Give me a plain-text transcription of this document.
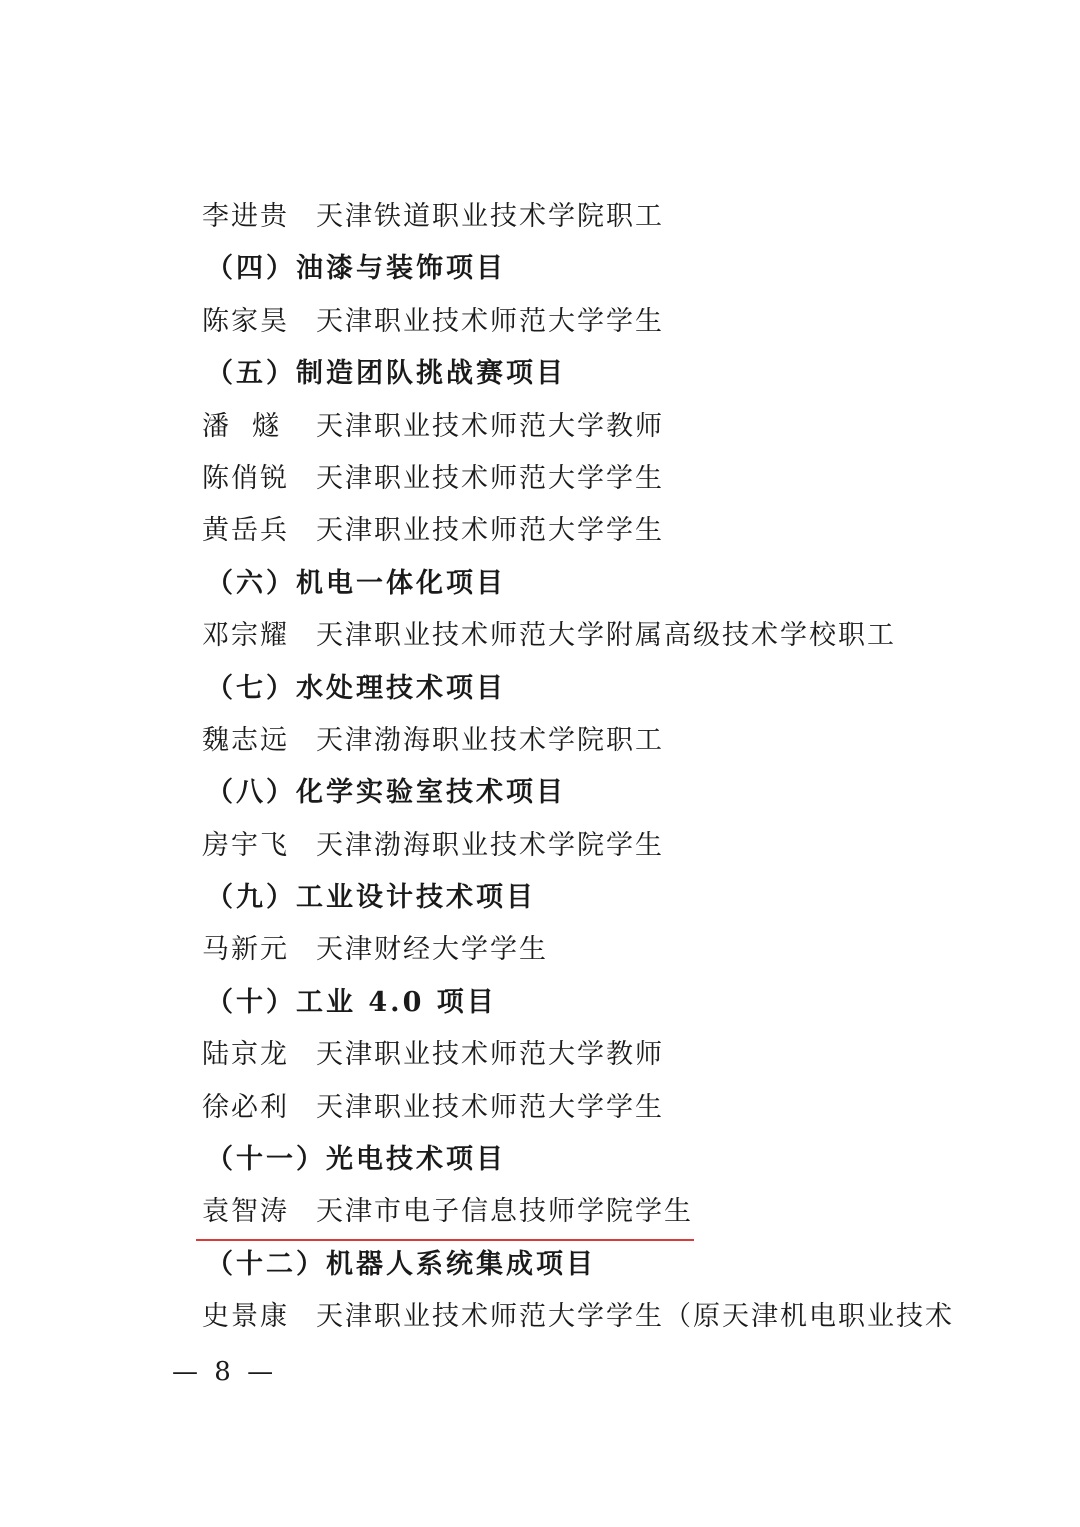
李进贵 天津铁道职业技术学院职工
（四）油漆与装饰项目
陈家昊 天津职业技术师范大学学生
（五）制造团队挑战赛项目
潘  燧 天津职业技术师范大学教师
陈俏锐 天津职业技术师范大学学生
黄岳兵 天津职业技术师范大学学生
（六）机电一体化项目
邓宗耀 天津职业技术师范大学附属高级技术学校职工
（七）水处理技术项目
魏志远 天津渤海职业技术学院职工
（八）化学实验室技术项目
房宇飞 天津渤海职业技术学院学生
（九）工业设计技术项目
马新元 天津财经大学学生
（十）工业 4.0 项目
陆京龙 天津职业技术师范大学教师
徐必利 天津职业技术师范大学学生
（十一）光电技术项目
袁智涛 天津市电子信息技师学院学生
（十二）机器人系统集成项目
史景康 天津职业技术师范大学学生（原天津机电职业技术
— 8 —
